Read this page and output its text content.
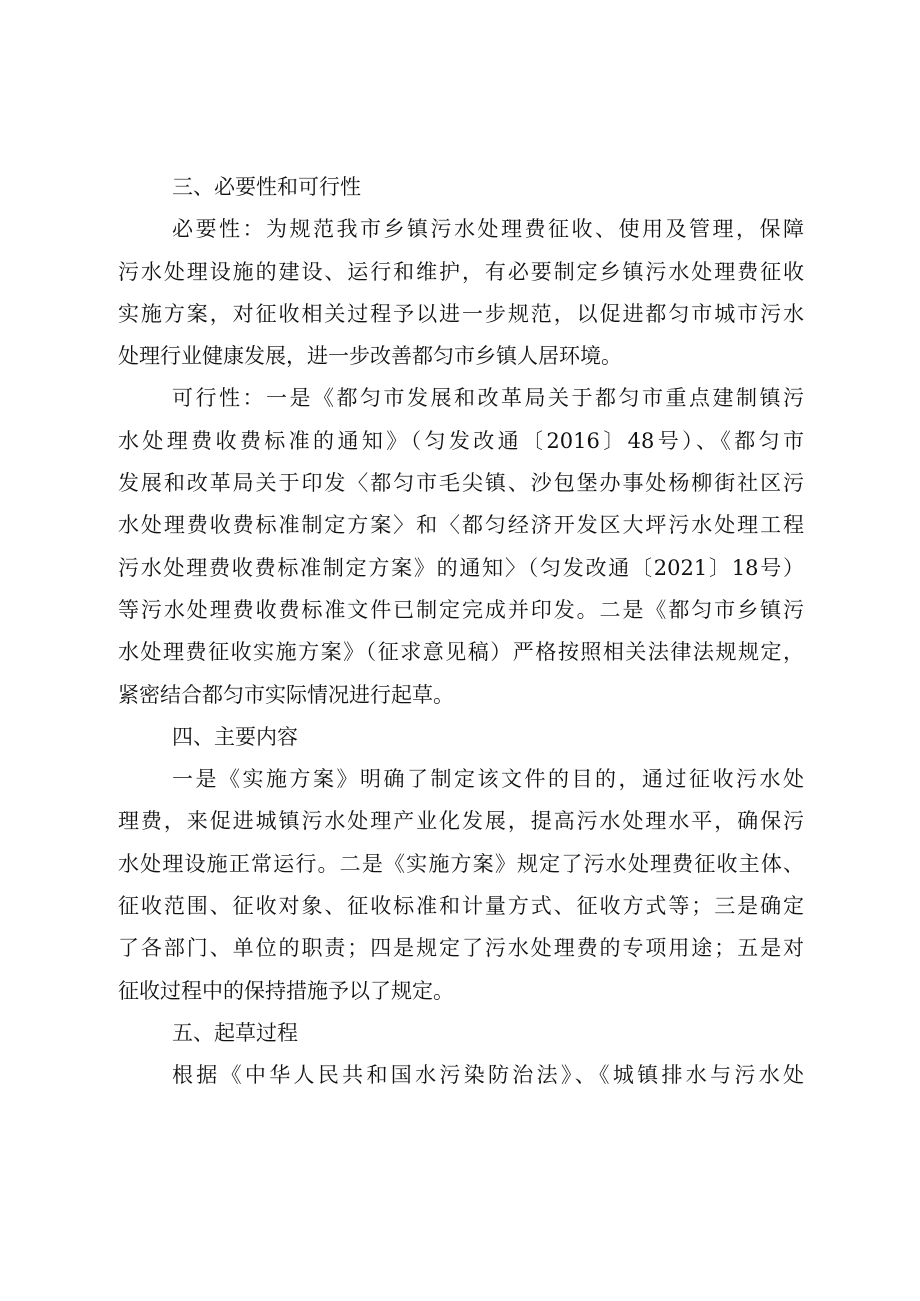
三、必要性和可行性
必要性：为规范我市乡镇污水处理费征收、使用及管理，保障
污水处理设施的建设、运行和维护，有必要制定乡镇污水处理费征收
实施方案，对征收相关过程予以进一步规范，以促进都匀市城市污水
处理行业健康发展，进一步改善都匀市乡镇人居环境。
可行性：一是《都匀市发展和改革局关于都匀市重点建制镇污
水处理费收费标准的通知》（匀发改通〔2016〕48号）、《都匀市
发展和改革局关于印发〈都匀市毛尖镇、沙包堡办事处杨柳街社区污
水处理费收费标准制定方案〉和〈都匀经济开发区大坪污水处理工程
污水处理费收费标准制定方案》的通知〉（匀发改通〔2021〕18号）
等污水处理费收费标准文件已制定完成并印发。二是《都匀市乡镇污
水处理费征收实施方案》（征求意见稿）严格按照相关法律法规规定，
紧密结合都匀市实际情况进行起草。
四、主要内容
一是《实施方案》明确了制定该文件的目的，通过征收污水处
理费，来促进城镇污水处理产业化发展，提高污水处理水平，确保污
水处理设施正常运行。二是《实施方案》规定了污水处理费征收主体、
征收范围、征收对象、征收标准和计量方式、征收方式等；三是确定
了各部门、单位的职责；四是规定了污水处理费的专项用途；五是对
征收过程中的保持措施予以了规定。
五、起草过程
根据《中华人民共和国水污染防治法》、《城镇排水与污水处
